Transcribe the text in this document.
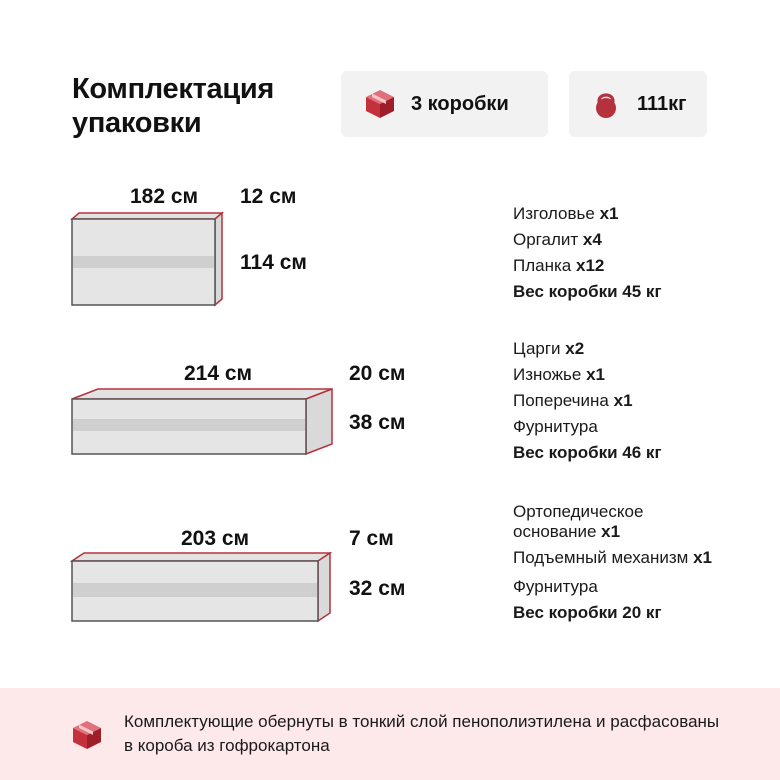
Комплектация упаковки
3 коробки	111кг
182 см 12 см
114 см
Изголовье x1
Оргалит x4
Планка x12
Вес коробки 45 кг
214 см	20 см
38 см
Царги x2
Изножье x1
Поперечина x1
Фурнитура
Вес коробки 46 кг
203 см	7 см
32 см
Ортопедическое основание x1
Подъемный механизм x1
Фурнитура
Вес коробки 20 кг
Комплектующие обернуты в тонкий слой пенополиэтилена и расфасованы в короба из гофрокартона
